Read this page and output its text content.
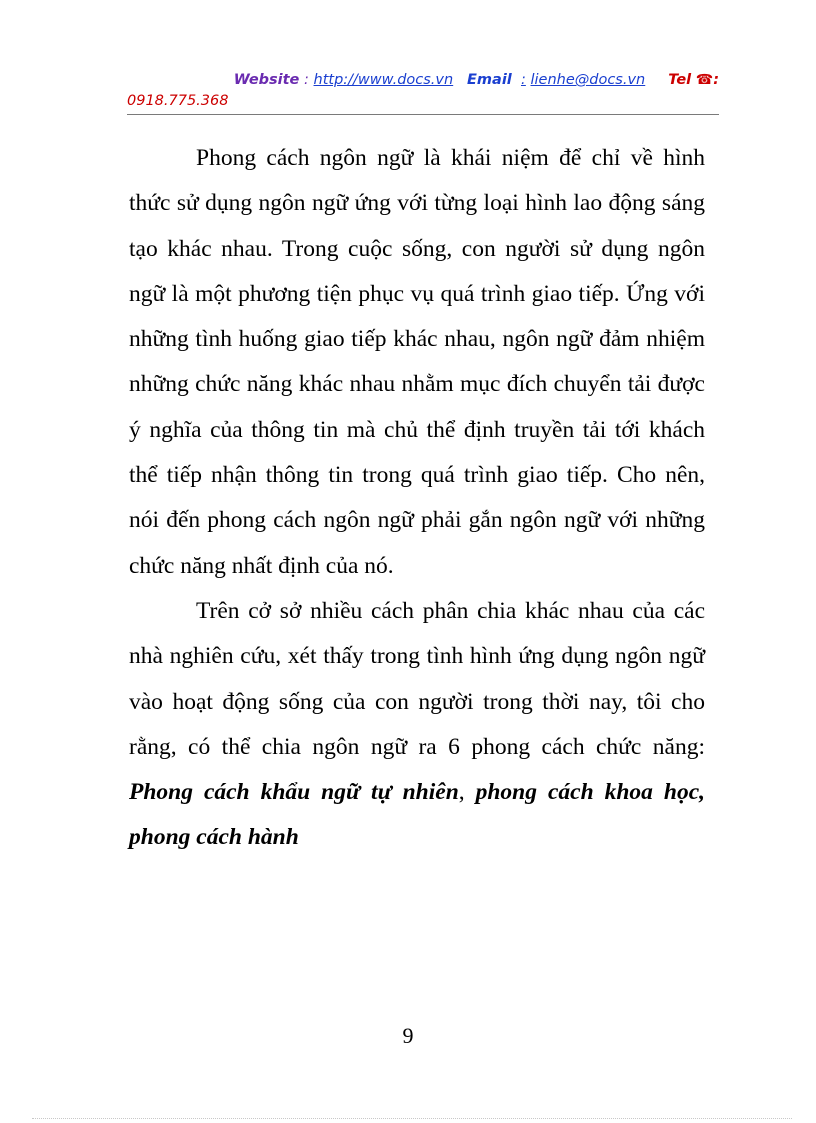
Website : http://www.docs.vn Email : lienhe@docs.vn Tel ☎:
0918.775.368

Phong cách ngôn ngữ là khái niệm để chỉ về hình thức sử dụng ngôn ngữ ứng với từng loại hình lao động sáng tạo khác nhau. Trong cuộc sống, con người sử dụng ngôn ngữ là một phương tiện phục vụ quá trình giao tiếp. Ứng với những tình huống giao tiếp khác nhau, ngôn ngữ đảm nhiệm những chức năng khác nhau nhằm mục đích chuyển tải được ý nghĩa của thông tin mà chủ thể định truyền tải tới khách thể tiếp nhận thông tin trong quá trình giao tiếp. Cho nên, nói đến phong cách ngôn ngữ phải gắn ngôn ngữ với những chức năng nhất định của nó.

Trên cở sở nhiều cách phân chia khác nhau của các nhà nghiên cứu, xét thấy trong tình hình ứng dụng ngôn ngữ vào hoạt động sống của con người trong thời nay, tôi cho rằng, có thể chia ngôn ngữ ra 6 phong cách chức năng: Phong cách khẩu ngữ tự nhiên, phong cách khoa học, phong cách hành

9
